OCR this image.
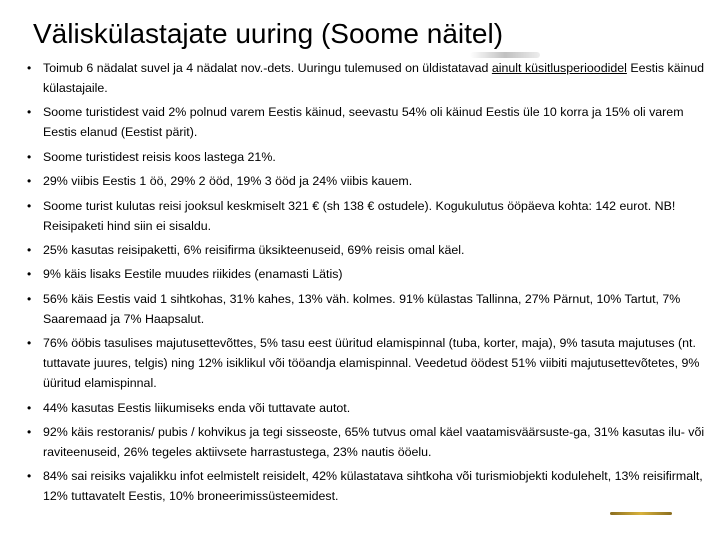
Väliskülastajate uuring (Soome näitel)
• Toimub 6 nädalat suvel ja 4 nädalat nov.-dets. Uuringu tulemused on üldistatavad ainult küsitlusperioodidel Eestis käinud külastajaile.
• Soome turistidest vaid 2% polnud varem Eestis käinud, seevastu 54% oli käinud Eestis üle 10 korra ja 15% oli varem Eestis elanud (Eestist pärit).
• Soome turistidest reisis koos lastega 21%.
• 29% viibis Eestis 1 öö, 29% 2 ööd, 19% 3 ööd ja 24% viibis kauem.
• Soome turist kulutas reisi jooksul keskmiselt 321 € (sh 138 € ostudele). Kogukulutus ööpäeva kohta: 142 eurot. NB! Reisipaketi hind siin ei sisaldu.
• 25% kasutas reisipaketti, 6% reisifirma üksikteenuseid, 69% reisis omal käel.
• 9% käis lisaks Eestile muudes riikides (enamasti Lätis)
• 56% käis Eestis vaid 1 sihtkohas, 31% kahes, 13% väh. kolmes. 91% külastas Tallinna, 27% Pärnut, 10% Tartut, 7% Saaremaad ja 7% Haapsalut.
• 76% ööbis tasulises majutusettevõttes, 5% tasu eest üüritud elamispinnal (tuba, korter, maja), 9% tasuta majutuses (nt. tuttavate juures, telgis) ning 12% isiklikul või tööandja elamispinnal. Veedetud öödest 51% viibiti majutusettevõtetes, 9% üüritud elamispinnal.
• 44% kasutas Eestis liikumiseks enda või tuttavate autot.
• 92% käis restoranis/ pubis / kohvikus ja tegi sisseoste, 65% tutvus omal käel vaatamisväärsuste-ga, 31% kasutas ilu- või raviteenuseid, 26% tegeles aktiivsete harrastustega, 23% nautis ööelu.
• 84% sai reisiks vajalikku infot eelmistelt reisidelt, 42% külastatava sihtkoha või turismiobjekti kodulehelt, 13% reisifirmalt, 12% tuttavatelt Eestis, 10% broneerimissüsteemidest.
